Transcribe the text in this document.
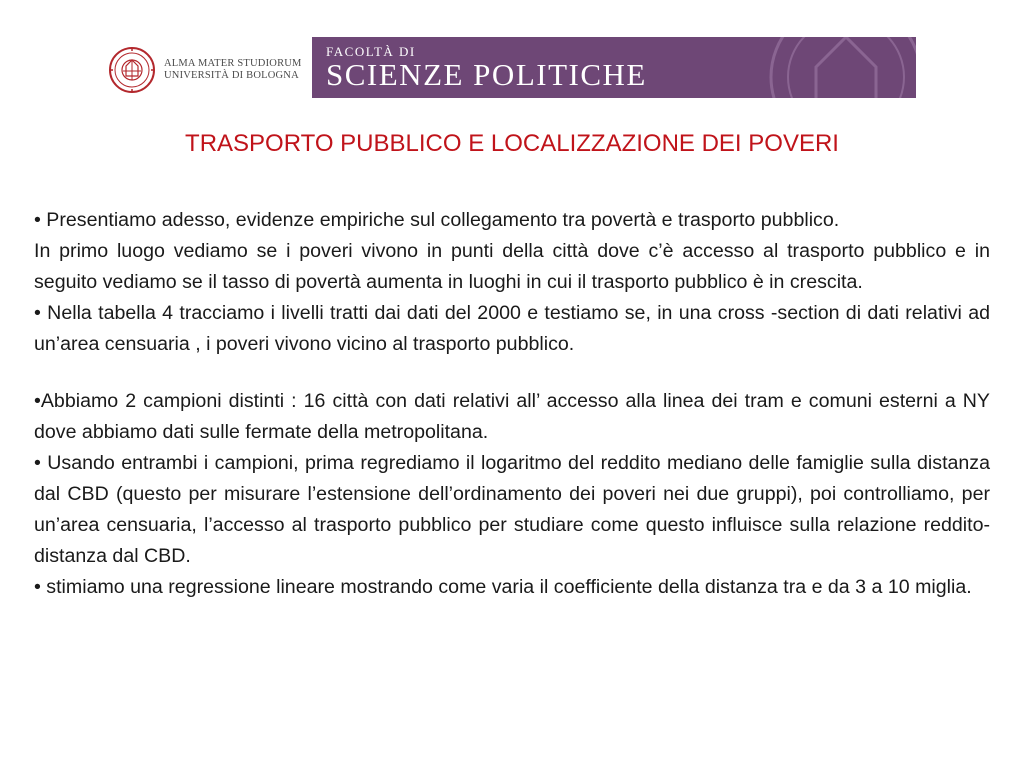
ALMA MATER STUDIORUM
UNIVERSITÀ DI BOLOGNA
FACOLTÀ DI
SCIENZE POLITICHE
TRASPORTO PUBBLICO E LOCALIZZAZIONE DEI POVERI

• Presentiamo adesso, evidenze empiriche sul collegamento tra povertà e trasporto pubblico.

In primo luogo vediamo se i poveri vivono in punti della città dove c’è accesso al trasporto pubblico e in seguito vediamo se il tasso di povertà aumenta in luoghi in cui il trasporto pubblico è in crescita.

• Nella tabella 4 tracciamo i livelli tratti dai dati del 2000 e testiamo se, in una cross -section di dati relativi ad un’area censuaria , i poveri vivono vicino al trasporto pubblico.

•Abbiamo 2 campioni distinti : 16 città con dati relativi all’ accesso alla linea dei tram e comuni esterni a NY dove abbiamo dati sulle fermate della metropolitana.

• Usando entrambi i campioni, prima regrediamo il logaritmo del reddito mediano delle famiglie sulla distanza dal CBD (questo per misurare l’estensione dell’ordinamento dei poveri nei due gruppi), poi controlliamo, per un’area censuaria, l’accesso al trasporto pubblico per studiare come questo influisce sulla relazione reddito-distanza dal CBD.

• stimiamo una regressione lineare mostrando come varia il coefficiente della distanza tra e da 3 a 10 miglia.
